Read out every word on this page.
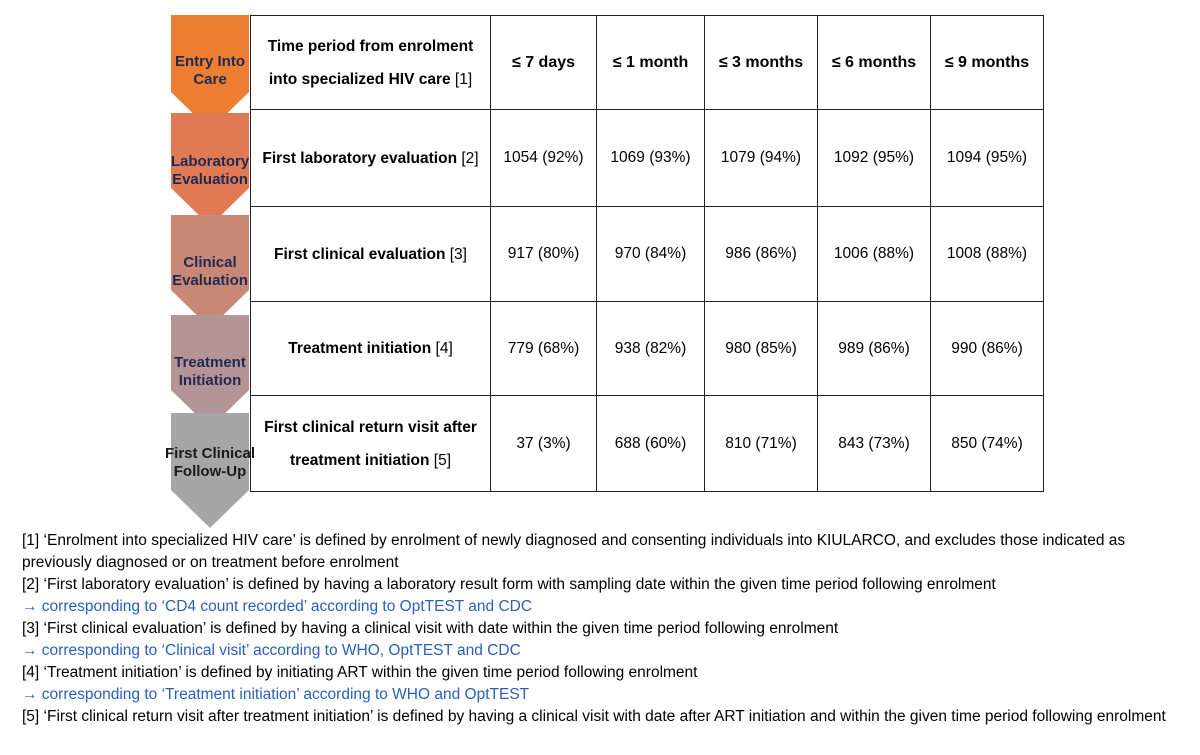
Entry Into Care
Laboratory Evaluation
Clinical Evaluation
Treatment Initiation
First Clinical Follow-Up
Time period from enrolment into specialized HIV care [1]	≤ 7 days	≤ 1 month	≤ 3 months	≤ 6 months	≤ 9 months
First laboratory evaluation [2]	1054 (92%)	1069 (93%)	1079 (94%)	1092 (95%)	1094 (95%)
First clinical evaluation [3]	917 (80%)	970 (84%)	986 (86%)	1006 (88%)	1008 (88%)
Treatment initiation [4]	779 (68%)	938 (82%)	980 (85%)	989 (86%)	990 (86%)
First clinical return visit after treatment initiation [5]	37 (3%)	688 (60%)	810 (71%)	843 (73%)	850 (74%)

[1] ‘Enrolment into specialized HIV care’ is defined by enrolment of newly diagnosed and consenting individuals into KIULARCO, and excludes those indicated as previously diagnosed or on treatment before enrolment

[2] ‘First laboratory evaluation’ is defined by having a laboratory result form with sampling date within the given time period following enrolment

→ corresponding to ‘CD4 count recorded’ according to OptTEST and CDC

[3] ‘First clinical evaluation’ is defined by having a clinical visit with date within the given time period following enrolment

→ corresponding to ‘Clinical visit’ according to WHO, OptTEST and CDC

[4] ‘Treatment initiation’ is defined by initiating ART within the given time period following enrolment

→ corresponding to ‘Treatment initiation’ according to WHO and OptTEST

[5] ‘First clinical return visit after treatment initiation’ is defined by having a clinical visit with date after ART initiation and within the given time period following enrolment
